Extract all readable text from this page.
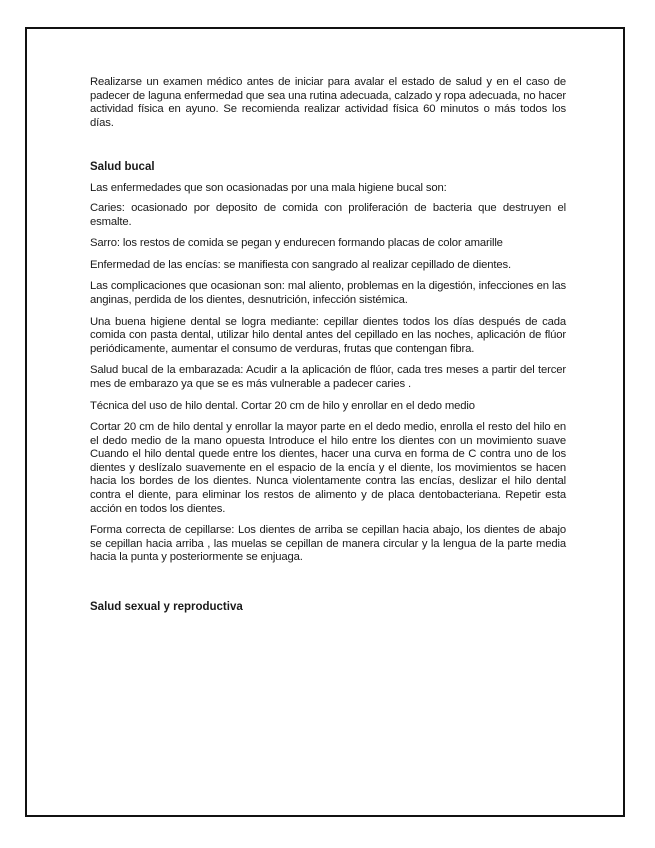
Realizarse un examen médico antes de iniciar para avalar el estado de salud y en el caso de padecer de laguna enfermedad que sea una rutina adecuada, calzado y ropa adecuada, no hacer actividad física en ayuno. Se recomienda realizar actividad física 60 minutos o más todos los días.

Salud bucal

Las enfermedades que son ocasionadas por una mala higiene bucal son:

Caries: ocasionado por deposito de comida con proliferación de bacteria que destruyen el esmalte.

Sarro: los restos de comida se pegan y endurecen formando placas de color amarille

Enfermedad de las encías: se manifiesta con sangrado al realizar cepillado de dientes.

Las complicaciones que ocasionan son: mal aliento, problemas en la digestión, infecciones en las anginas, perdida de los dientes, desnutrición, infección sistémica.

Una buena higiene dental se logra mediante: cepillar dientes todos los días después de cada comida con pasta dental, utilizar hilo dental antes del cepillado en las noches, aplicación de flúor periódicamente, aumentar el consumo de verduras, frutas que contengan fibra.

Salud bucal de la embarazada: Acudir a la aplicación de flúor, cada tres meses a partir del tercer mes de embarazo ya que se es más vulnerable a padecer caries .

Técnica del uso de hilo dental. Cortar 20 cm de hilo y enrollar en el dedo medio

Cortar 20 cm de hilo dental y enrollar la mayor parte en el dedo medio, enrolla el resto del hilo en el dedo medio de la mano opuesta Introduce el hilo entre los dientes con un movimiento suave Cuando el hilo dental quede entre los dientes, hacer una curva en forma de C contra uno de los dientes y deslízalo suavemente en el espacio de la encía y el diente, los movimientos se hacen hacia los bordes de los dientes. Nunca violentamente contra las encías, deslizar el hilo dental contra el diente, para eliminar los restos de alimento y de placa dentobacteriana. Repetir esta acción en todos los dientes.

Forma correcta de cepillarse: Los dientes de arriba se cepillan hacia abajo, los dientes de abajo se cepillan hacia arriba , las muelas se cepillan de manera circular y la lengua de la parte media hacia la punta y posteriormente se enjuaga.

Salud sexual y reproductiva
